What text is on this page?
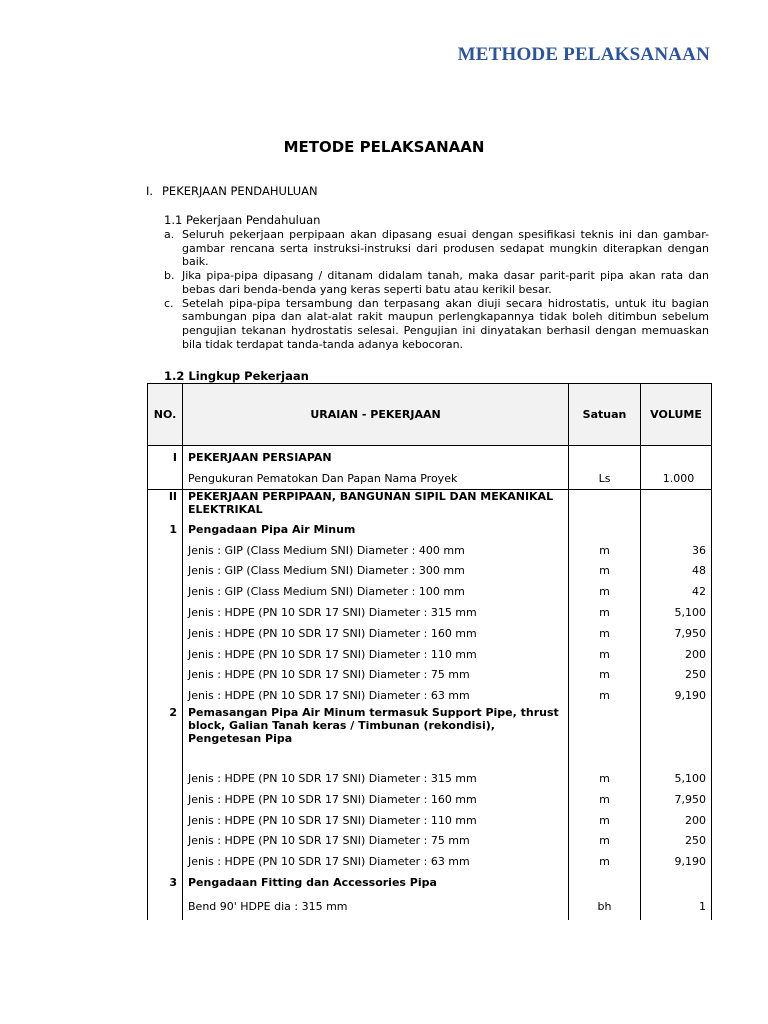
METHODE PELAKSANAAN
METODE PELAKSANAAN
I. PEKERJAAN PENDAHULUAN
1.1 Pekerjaan Pendahuluan
a. Seluruh pekerjaan perpipaan akan dipasang esuai dengan spesifikasi teknis ini dan gambar-gambar rencana serta instruksi-instruksi dari produsen sedapat mungkin diterapkan dengan baik.
b. Jika pipa-pipa dipasang / ditanam didalam tanah, maka dasar parit-parit pipa akan rata dan bebas dari benda-benda yang keras seperti batu atau kerikil besar.
c. Setelah pipa-pipa tersambung dan terpasang akan diuji secara hidrostatis, untuk itu bagian sambungan pipa dan alat-alat rakit maupun perlengkapannya tidak boleh ditimbun sebelum pengujian tekanan hydrostatis selesai. Pengujian ini dinyatakan berhasil dengan memuaskan bila tidak terdapat tanda-tanda adanya kebocoran.
1.2 Lingkup Pekerjaan
NO.	URAIAN - PEKERJAAN	Satuan	VOLUME
I	PEKERJAAN PERSIAPAN		
	Pengukuran Pematokan Dan Papan Nama Proyek	Ls	1.000
II	PEKERJAAN PERPIPAAN, BANGUNAN SIPIL DAN MEKANIKAL ELEKTRIKAL		
1	Pengadaan Pipa Air Minum		
	Jenis : GIP (Class Medium SNI) Diameter : 400 mm	m	36
	Jenis : GIP (Class Medium SNI) Diameter : 300 mm	m	48
	Jenis : GIP (Class Medium SNI) Diameter : 100 mm	m	42
	Jenis : HDPE (PN 10 SDR 17 SNI) Diameter : 315 mm	m	5,100
	Jenis : HDPE (PN 10 SDR 17 SNI) Diameter : 160 mm	m	7,950
	Jenis : HDPE (PN 10 SDR 17 SNI) Diameter : 110 mm	m	200
	Jenis : HDPE (PN 10 SDR 17 SNI) Diameter : 75 mm	m	250
	Jenis : HDPE (PN 10 SDR 17 SNI) Diameter : 63 mm	m	9,190
2	Pemasangan Pipa Air Minum termasuk Support Pipe, thrust block, Galian Tanah keras / Timbunan (rekondisi), Pengetesan Pipa		
	Jenis : HDPE (PN 10 SDR 17 SNI) Diameter : 315 mm	m	5,100
	Jenis : HDPE (PN 10 SDR 17 SNI) Diameter : 160 mm	m	7,950
	Jenis : HDPE (PN 10 SDR 17 SNI) Diameter : 110 mm	m	200
	Jenis : HDPE (PN 10 SDR 17 SNI) Diameter : 75 mm	m	250
	Jenis : HDPE (PN 10 SDR 17 SNI) Diameter : 63 mm	m	9,190
3	Pengadaan Fitting dan Accessories Pipa		
	Bend 90' HDPE dia : 315 mm	bh	1
